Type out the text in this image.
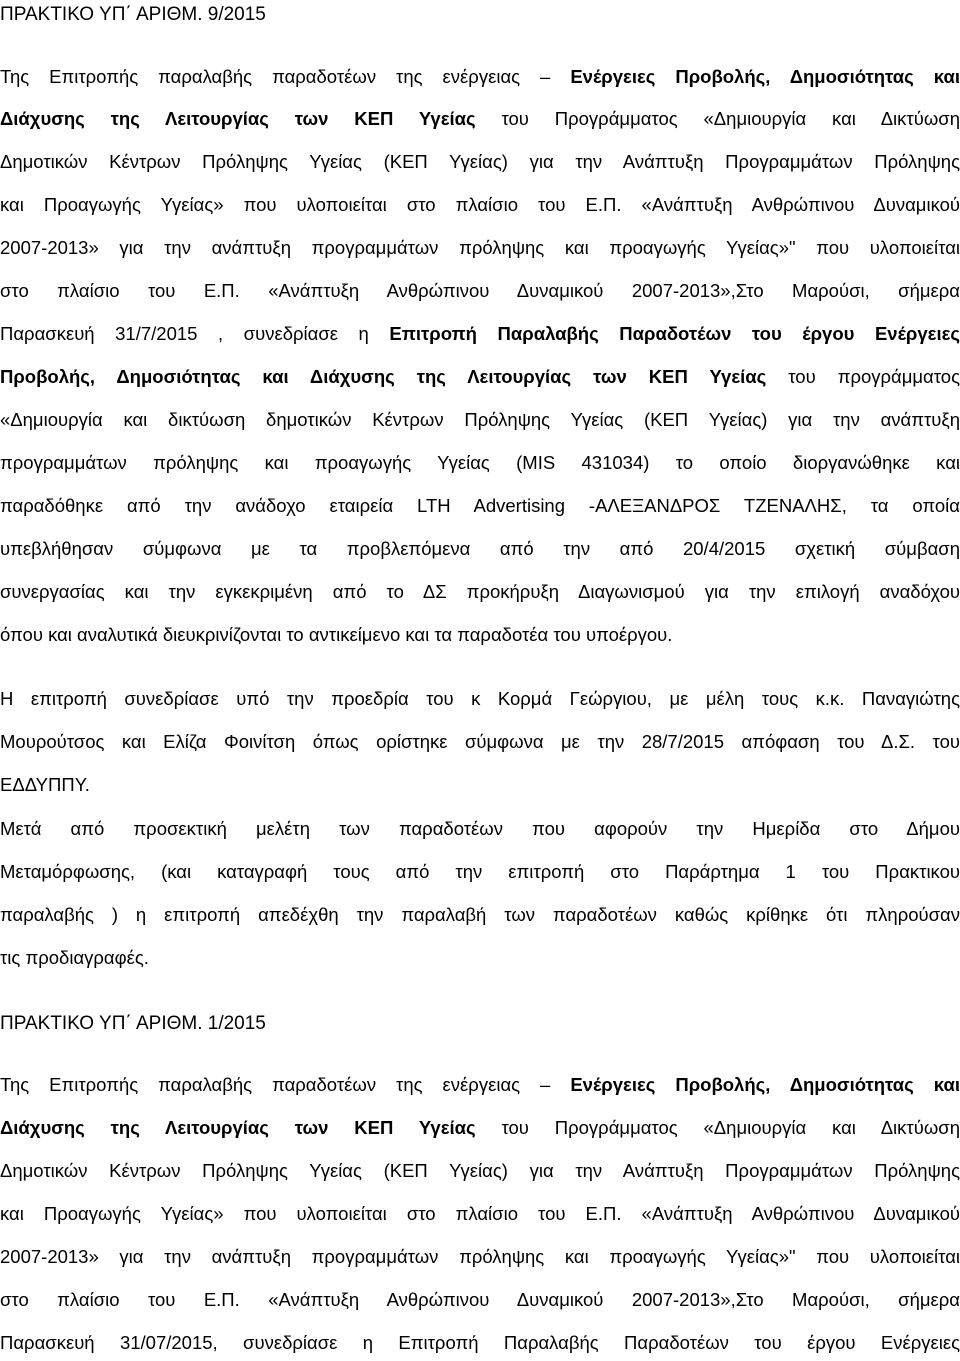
ΠΡΑΚΤΙΚΟ ΥΠ΄ ΑΡΙΘΜ. 9/2015
Της Επιτροπής παραλαβής παραδοτέων της ενέργειας – Ενέργειες Προβολής, Δημοσιότητας και
Διάχυσης της Λειτουργίας των ΚΕΠ Υγείας του Προγράμματος «Δημιουργία και Δικτύωση
Δημοτικών Κέντρων Πρόληψης Υγείας (ΚΕΠ Υγείας) για την Ανάπτυξη Προγραμμάτων Πρόληψης
και Προαγωγής Υγείας» που υλοποιείται στο πλαίσιο του Ε.Π. «Ανάπτυξη Ανθρώπινου Δυναμικού
2007-2013» για την ανάπτυξη προγραμμάτων πρόληψης και προαγωγής Υγείας»" που υλοποιείται
στο πλαίσιο του Ε.Π. «Ανάπτυξη Ανθρώπινου Δυναμικού 2007-2013»,Στο Μαρούσι, σήμερα
Παρασκευή 31/7/2015 , συνεδρίασε η Επιτροπή Παραλαβής Παραδοτέων του έργου Ενέργειες
Προβολής, Δημοσιότητας και Διάχυσης της Λειτουργίας των ΚΕΠ Υγείας του προγράμματος
«Δημιουργία και δικτύωση δημοτικών Κέντρων Πρόληψης Υγείας (ΚΕΠ Υγείας) για την ανάπτυξη
προγραμμάτων πρόληψης και προαγωγής Υγείας (MIS 431034) το οποίο διοργανώθηκε και
παραδόθηκε από την ανάδοχο εταιρεία LTH Advertising -ΑΛΕΞΑΝΔΡΟΣ ΤΖΕΝΑΛΗΣ, τα οποία
υπεβλήθησαν σύμφωνα με τα προβλεπόμενα από την από 20/4/2015 σχετική σύμβαση
συνεργασίας και την εγκεκριμένη από το ΔΣ προκήρυξη Διαγωνισμού για την επιλογή αναδόχου
όπου και αναλυτικά διευκρινίζονται το αντικείμενο και τα παραδοτέα του υποέργου.
Η επιτροπή συνεδρίασε υπό την προεδρία του κ Κορμά Γεώργιου, με μέλη τους κ.κ. Παναγιώτης
Μουρούτσος και Ελίζα Φοινίτση όπως ορίστηκε σύμφωνα με την 28/7/2015 απόφαση του Δ.Σ. του
ΕΔΔΥΠΠΥ.
Μετά από προσεκτική μελέτη των παραδοτέων που αφορούν την Ημερίδα στο Δήμου
Μεταμόρφωσης, (και καταγραφή τους από την επιτροπή στο Παράρτημα 1 του Πρακτικου
παραλαβής ) η επιτροπή απεδέχθη την παραλαβή των παραδοτέων καθώς κρίθηκε ότι πληρούσαν
τις προδιαγραφές.
ΠΡΑΚΤΙΚΟ ΥΠ΄ ΑΡΙΘΜ. 1/2015
Της Επιτροπής παραλαβής παραδοτέων της ενέργειας – Ενέργειες Προβολής, Δημοσιότητας και
Διάχυσης της Λειτουργίας των ΚΕΠ Υγείας του Προγράμματος «Δημιουργία και Δικτύωση
Δημοτικών Κέντρων Πρόληψης Υγείας (ΚΕΠ Υγείας) για την Ανάπτυξη Προγραμμάτων Πρόληψης
και Προαγωγής Υγείας» που υλοποιείται στο πλαίσιο του Ε.Π. «Ανάπτυξη Ανθρώπινου Δυναμικού
2007-2013» για την ανάπτυξη προγραμμάτων πρόληψης και προαγωγής Υγείας»" που υλοποιείται
στο πλαίσιο του Ε.Π. «Ανάπτυξη Ανθρώπινου Δυναμικού 2007-2013»,Στο Μαρούσι, σήμερα
Παρασκευή 31/07/2015, συνεδρίασε η Επιτροπή Παραλαβής Παραδοτέων του έργου Ενέργειες
